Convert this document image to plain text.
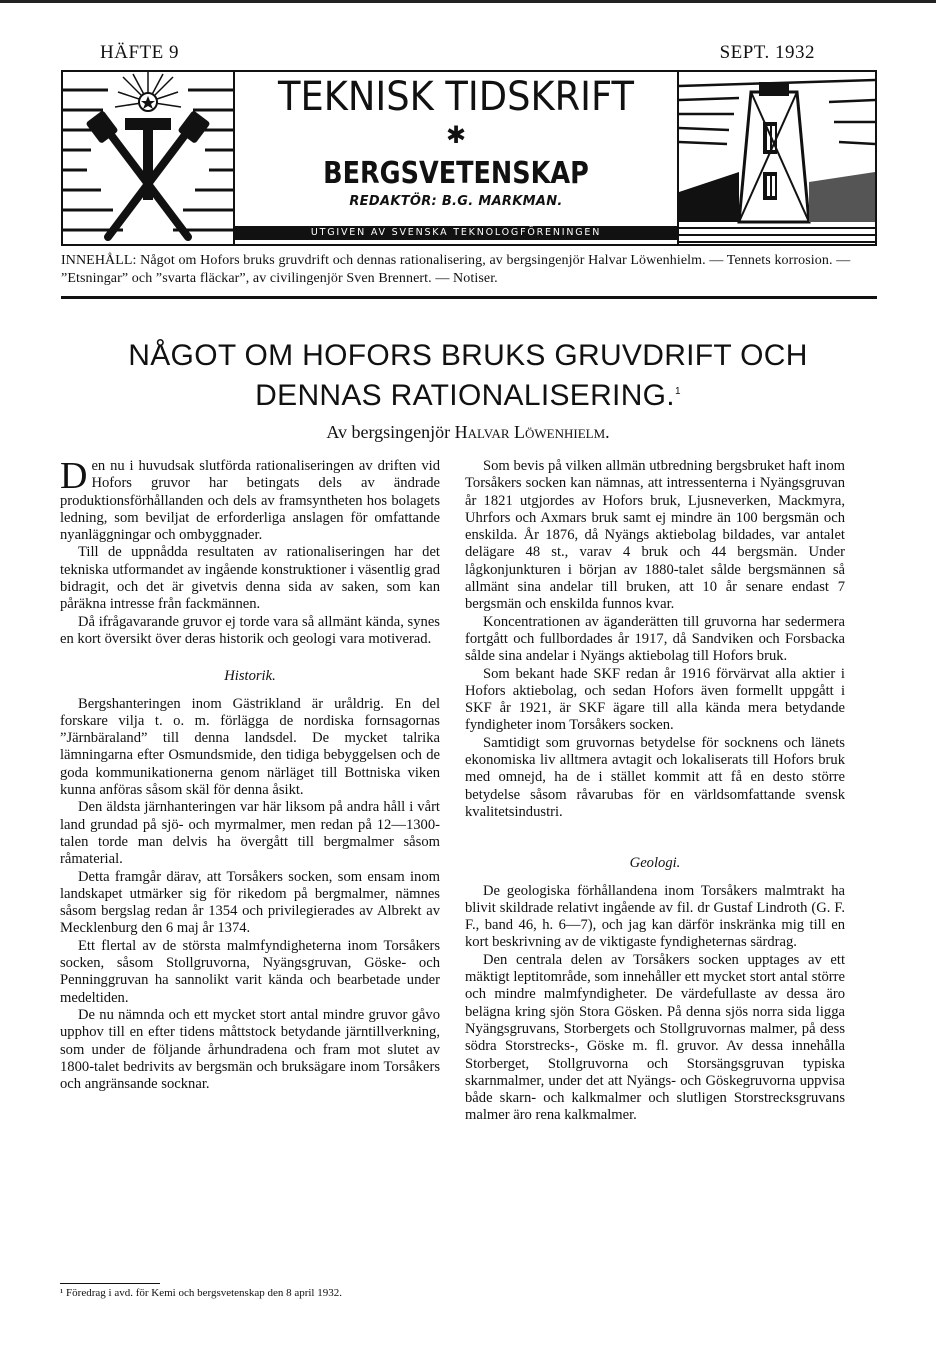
HÄFTE 9	SEPT. 1932
TEKNISK TIDSKRIFT
✱
BERGSVETENSKAP
REDAKTÖR: B.G. MARKMAN.
UTGIVEN AV SVENSKA TEKNOLOGFÖRENINGEN
INNEHÅLL: Något om Hofors bruks gruvdrift och dennas rationalisering, av bergsingenjör Halvar Löwenhielm. — Tennets korrosion. — ”Etsningar” och ”svarta fläckar”, av civilingenjör Sven Brennert. — Notiser.
NÅGOT OM HOFORS BRUKS GRUVDRIFT OCH
DENNAS RATIONALISERING.$^1$
Av bergsingenjör Halvar Löwenhielm.

Den nu i huvudsak slutförda rationaliseringen av driften vid Hofors gruvor har betingats dels av ändrade produktionsförhållanden och dels av framsyntheten hos bolagets ledning, som beviljat de erforderliga anslagen för omfattande nyanläggningar och ombyggnader.

Till de uppnådda resultaten av rationaliseringen har det tekniska utformandet av ingående konstruktioner i väsentlig grad bidragit, och det är givetvis denna sida av saken, som kan påräkna intresse från fackmännen.

Då ifrågavarande gruvor ej torde vara så allmänt kända, synes en kort översikt över deras historik och geologi vara motiverad.

Historik.

Bergshanteringen inom Gästrikland är uråldrig. En del forskare vilja t. o. m. förlägga de nordiska fornsagornas ”Järnbäraland” till denna landsdel. De mycket talrika lämningarna efter Osmundsmide, den tidiga bebyggelsen och de goda kommunikationerna genom närläget till Bottniska viken kunna anföras såsom skäl för denna åsikt.

Den äldsta järnhanteringen var här liksom på andra håll i vårt land grundad på sjö- och myrmalmer, men redan på 12—1300-talen torde man delvis ha övergått till bergmalmer såsom råmaterial.

Detta framgår därav, att Torsåkers socken, som ensam inom landskapet utmärker sig för rikedom på bergmalmer, nämnes såsom bergslag redan år 1354 och privilegierades av Albrekt av Mecklenburg den 6 maj år 1374.

Ett flertal av de största malmfyndigheterna inom Torsåkers socken, såsom Stollgruvorna, Nyängsgruvan, Göske- och Penninggruvan ha sannolikt varit kända och bearbetade under medeltiden.

De nu nämnda och ett mycket stort antal mindre gruvor gåvo upphov till en efter tidens måttstock betydande järntillverkning, som under de följande århundradena och fram mot slutet av 1800-talet bedrivits av bergsmän och bruksägare inom Torsåkers och angränsande socknar.

Som bevis på vilken allmän utbredning bergsbruket haft inom Torsåkers socken kan nämnas, att intressenterna i Nyängsgruvan år 1821 utgjordes av Hofors bruk, Ljusneverken, Mackmyra, Uhrfors och Axmars bruk samt ej mindre än 100 bergsmän och enskilda. År 1876, då Nyängs aktiebolag bildades, var antalet delägare 48 st., varav 4 bruk och 44 bergsmän. Under lågkonjunkturen i början av 1880-talet sålde bergsmännen så allmänt sina andelar till bruken, att 10 år senare endast 7 bergsmän och enskilda funnos kvar.

Koncentrationen av äganderätten till gruvorna har sedermera fortgått och fullbordades år 1917, då Sandviken och Forsbacka sålde sina andelar i Nyängs aktiebolag till Hofors bruk.

Som bekant hade SKF redan år 1916 förvärvat alla aktier i Hofors aktiebolag, och sedan Hofors även formellt uppgått i SKF år 1921, är SKF ägare till alla kända mera betydande fyndigheter inom Torsåkers socken.

Samtidigt som gruvornas betydelse för socknens och länets ekonomiska liv alltmera avtagit och lokaliserats till Hofors bruk med omnejd, ha de i stället kommit att få en desto större betydelse såsom råvarubas för en världsomfattande svensk kvalitetsindustri.

Geologi.

De geologiska förhållandena inom Torsåkers malmtrakt ha blivit skildrade relativt ingående av fil. dr Gustaf Lindroth (G. F. F., band 46, h. 6—7), och jag kan därför inskränka mig till en kort beskrivning av de viktigaste fyndigheternas särdrag.

Den centrala delen av Torsåkers socken upptages av ett mäktigt leptitområde, som innehåller ett mycket stort antal större och mindre malmfyndigheter. De värdefullaste av dessa äro belägna kring sjön Stora Gösken. På denna sjös norra sida ligga Nyängsgruvans, Storbergets och Stollgruvornas malmer, på dess södra Storstrecks-, Göske m. fl. gruvor. Av dessa innehålla Storberget, Stollgruvorna och Storsängsgruvan typiska skarnmalmer, under det att Nyängs- och Göskegruvorna uppvisa både skarn- och kalkmalmer och slutligen Storstrecksgruvans malmer äro rena kalkmalmer.

¹ Föredrag i avd. för Kemi och bergsvetenskap den 8 april 1932.
